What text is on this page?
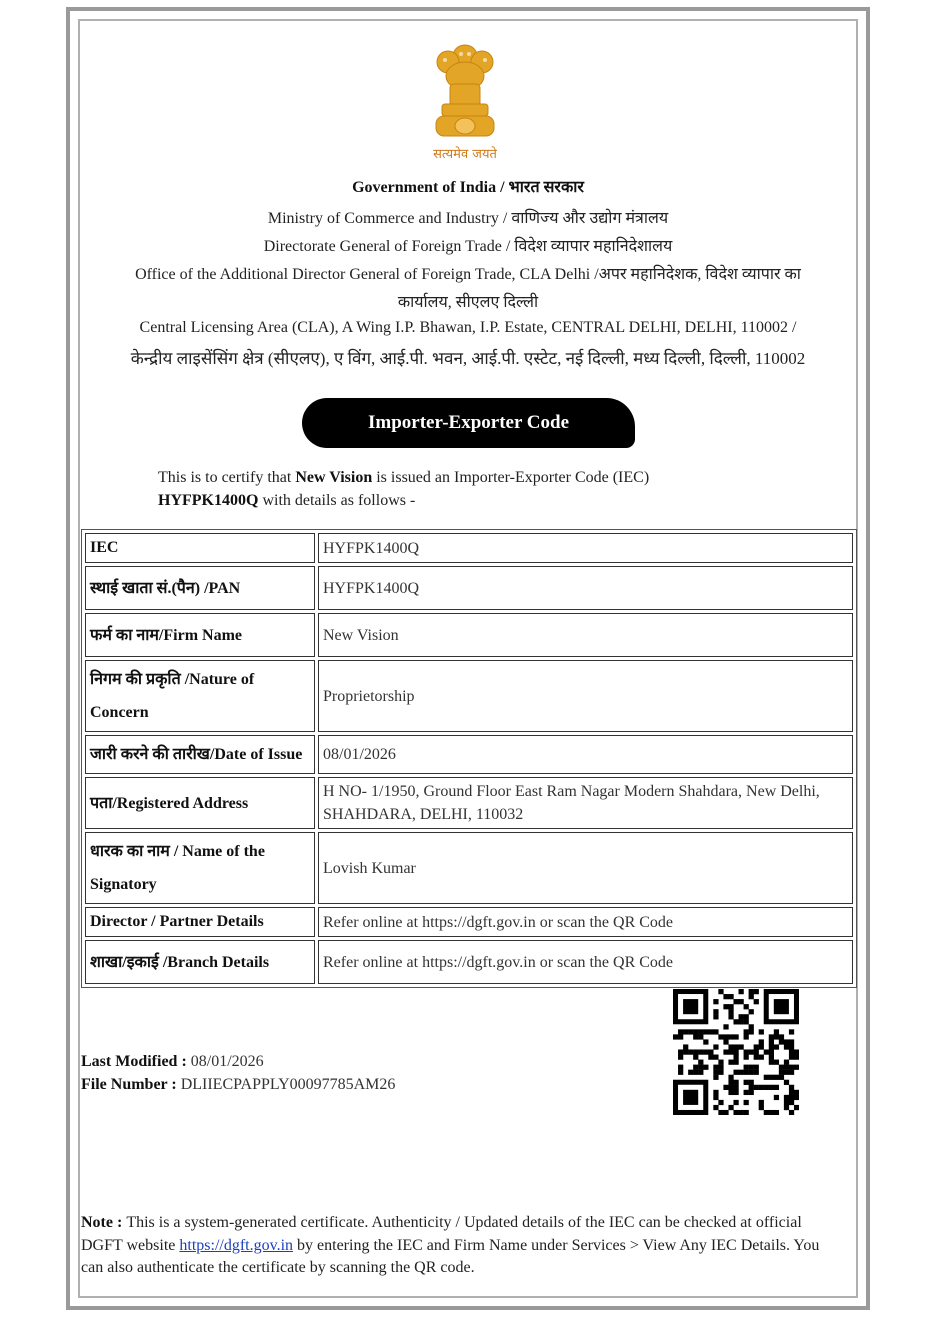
सत्यमेव जयते
Government of India / भारत सरकार
Ministry of Commerce and Industry / वाणिज्य और उद्योग मंत्रालय
Directorate General of Foreign Trade / विदेश व्यापार महानिदेशालय
Office of the Additional Director General of Foreign Trade, CLA Delhi /अपर महानिदेशक, विदेश व्यापार का
कार्यालय, सीएलए दिल्ली
Central Licensing Area (CLA), A Wing I.P. Bhawan, I.P. Estate, CENTRAL DELHI, DELHI, 110002 /
केन्द्रीय लाइसेंसिंग क्षेत्र (सीएलए), ए विंग, आई.पी. भवन, आई.पी. एस्टेट, नई दिल्ली, मध्य दिल्ली, दिल्ली, 110002
Importer-Exporter Code
This is to certify that New Vision is issued an Importer-Exporter Code (IEC)
HYFPK1400Q with details as follows -
IEC	HYFPK1400Q
स्थाई खाता सं.(पैन) /PAN	HYFPK1400Q
फर्म का नाम/Firm Name	New Vision
निगम की प्रकृति /Nature of Concern	Proprietorship
जारी करने की तारीख/Date of Issue	08/01/2026
पता/Registered Address	H NO- 1/1950, Ground Floor East Ram Nagar Modern Shahdara, New Delhi, SHAHDARA, DELHI, 110032
धारक का नाम / Name of the Signatory	Lovish Kumar
Director / Partner Details	Refer online at https://dgft.gov.in or scan the QR Code
शाखा/इकाई /Branch Details	Refer online at https://dgft.gov.in or scan the QR Code
Last Modified : 08/01/2026
File Number : DLIIECPAPPLY00097785AM26
Note : This is a system-generated certificate. Authenticity / Updated details of the IEC can be checked at official DGFT website https://dgft.gov.in by entering the IEC and Firm Name under Services > View Any IEC Details. You can also authenticate the certificate by scanning the QR code.
